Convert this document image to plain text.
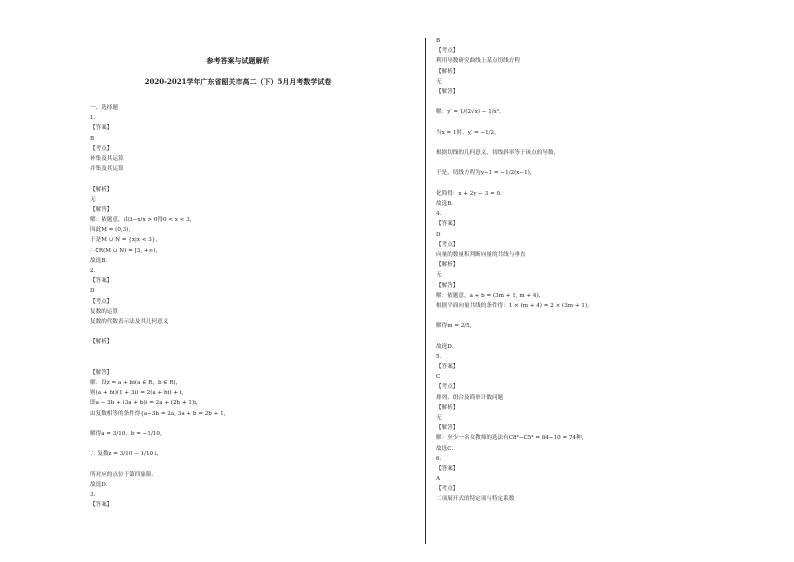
参考答案与试题解析
2020-2021学年广东省韶关市高二（下）5月月考数学试卷
一、选择题
1.
【答案】
B
【考点】
补集及其运算
并集及其运算
【解析】
无
【解答】
解：依题意，由3−x/x > 0得0 < x < 3，
因此M = (0,3)，
于是M ∪ N = {x|x < 3}，
∴ ∁R(M ∪ N) = [3, +∞)，
故选B．
2.
【答案】
D
【考点】
复数的运算
复数的代数表示法及其几何意义
【解析】
【解答】
解：设z = a + bi(a ∈ R，b ∈ R)，
则(a + bi)(1 + 3i) = 2(a + bi) + i，
即a − 3b + (3a + b)i = 2a + (2b + 1)i，
由复数相等的条件得{a−3b = 2a, 3a + b = 2b + 1，
解得a = 3/10，b = −1/10，
∴ 复数z = 3/10 − 1/10 i，
所对应的点位于第四象限．
故选D．
3.
【答案】
B
【考点】
利用导数研究曲线上某点切线方程
【解析】
无
【解答】
解：y′ = 1/(2√x) − 1/x²，
当x = 1时，y′ = −1/2，
根据切线的几何意义，切线斜率等于该点的导数，
于是，切线方程为y−1 = −1/2(x−1)，
化简得：x + 2y − 3 = 0．
故选B．
4.
【答案】
D
【考点】
向量的数量积判断向量的共线与垂直
【解析】
无
【解答】
解：依题意，a + b = (3m + 1, m + 4)，
根据平面向量共线的条件得：1 × (m + 4) = 2 × (3m + 1)，
解得m = 2/5，
故选D．
5.
【答案】
C
【考点】
排列、组合及简单计数问题
【解析】
无
【解答】
解：至少一名女教师的选法有C8⁴−C5⁴ = 84−10 = 74种，
故选C．
6.
【答案】
A
【考点】
二项展开式的特定项与特定系数
